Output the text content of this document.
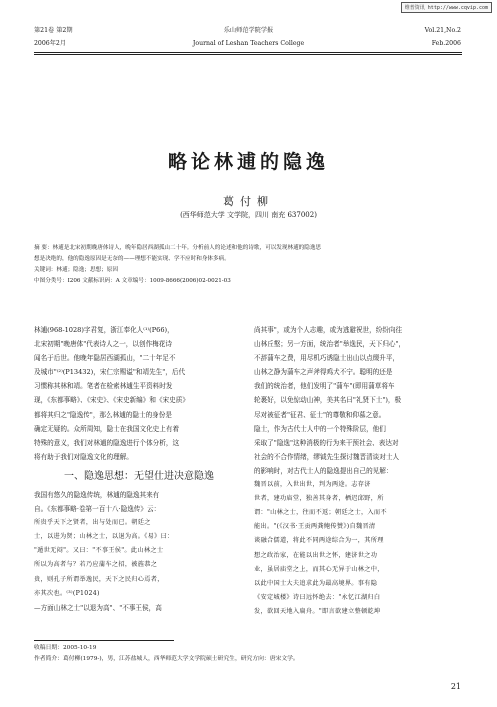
维普资讯 http://www.cqvip.com
第21卷 第2期
2006年2月
乐山师范学院学报
Journal of Leshan Teachers College
Vol.21,No.2
Feb.2006
略论林逋的隐逸
葛付柳
(西华师范大学 文学院，四川 南充 637002)
摘 要：林逋是北宋初期晚唐体诗人，晚年隐居西湖孤山二十年。分析前人的论述和他的诗歌，可以发现林逋的隐逸思
想是决绝的，他的隐逸原因是无奈的——理想不能实现、学不应时和身体多病。
关键词：林逋；隐逸；思想；原因
中图分类号：I206 文献标识码：A 文章编号：1009-8666(2006)02-0021-03
林逋(968-1028)字君复，浙江奉化人⁽¹⁾(P66)，
北宋初期"晚唐体"代表诗人之一，以创作梅花诗
闻名于后世。他晚年隐居西湖孤山，"二十年足不
及城市"⁽²⁾(P13432)，宋仁宗赐谥"和靖先生"，后代
习惯称其林和靖。笔者在检索林逋生平资料时发
现，《东都事略》、《宋史》、《宋史新编》和《宋史质》
都将其归之"隐逸传"，那么林逋的隐士的身份是
确定无疑的。众所周知，隐士在我国文化史上有着
特殊的意义，我们对林逋的隐逸进行个体分析，这
将有助于我们对隐逸文化的理解。
一、隐逸思想：无望仕进决意隐逸
我国有悠久的隐逸传统，林逋的隐逸其来有
自。《东都事略·卷第一百十八·隐逸传》云：
所贵乎天下之贤者，出与处而已。朝廷之
士，以进为贤；山林之士，以退为高。《易》曰：
"遁世无闷"。又曰："不事王侯"。此山林之士
所以为高者与？若乃应蒲车之招，被旌恭之
贵，则孔子所谓举逸民，天下之民归心焉者，
亦其次也。⁽³⁾(P1024)
—方面山林之士"以退为高"、"不事王侯，高
尚其事"，或为个人志趣，或为逃避祝世，纷纷向往
山林丘壑；另一方面，统治者"举逸民，天下归心"，
不辞蒲车之费，用尽机巧诱隐士出山以点缀升平，
山林之静为蒲车之声斧得鸡犬不宁。聪明的还是
我们的统治者，他们发明了"蒲车"(即用蒲草将车
轮裹好，以免惊动山神，美其名曰"礼贤下士")，极
尽对被征者"征君、征士"的尊敬和仰慕之意。
隐士，作为古代士人中的一个特殊阶层，他们
采取了"隐逸"这种消极的行为来干预社会、表达对
社会的不合作情绪，缪钺先生探讨魏晋清谈对士人
的影响时，对古代士人的隐逸提出自己的见解：
魏晋以前，入世出世，判为两途。志存济
世者，建功庙堂，独善其身者，栖迟邱野，所
谓："山林之士，往而不返；朝廷之士，入而不
能出。"(《汉书·王贡两龚鲍传赞》)自魏晋清
谈融合儒道，将此不同两途综合为一，其所理
想之政治家，在能以出世之怀，建济世之功
业，虽居庙堂之上，而其心无异于山林之中，
以此中国士大夫追求此为最高境界。事有隐
《安定城楼》诗曰远怀绝去："永忆江湖归白
发，欲回天地入扁舟。"即言欲建立整顿乾坤
收稿日期：2005-10-19
作者简介：葛付柳(1979-)，男，江苏盐城人，西华师范大学文学院硕士研究生，研究方向：唐宋文学。
21
